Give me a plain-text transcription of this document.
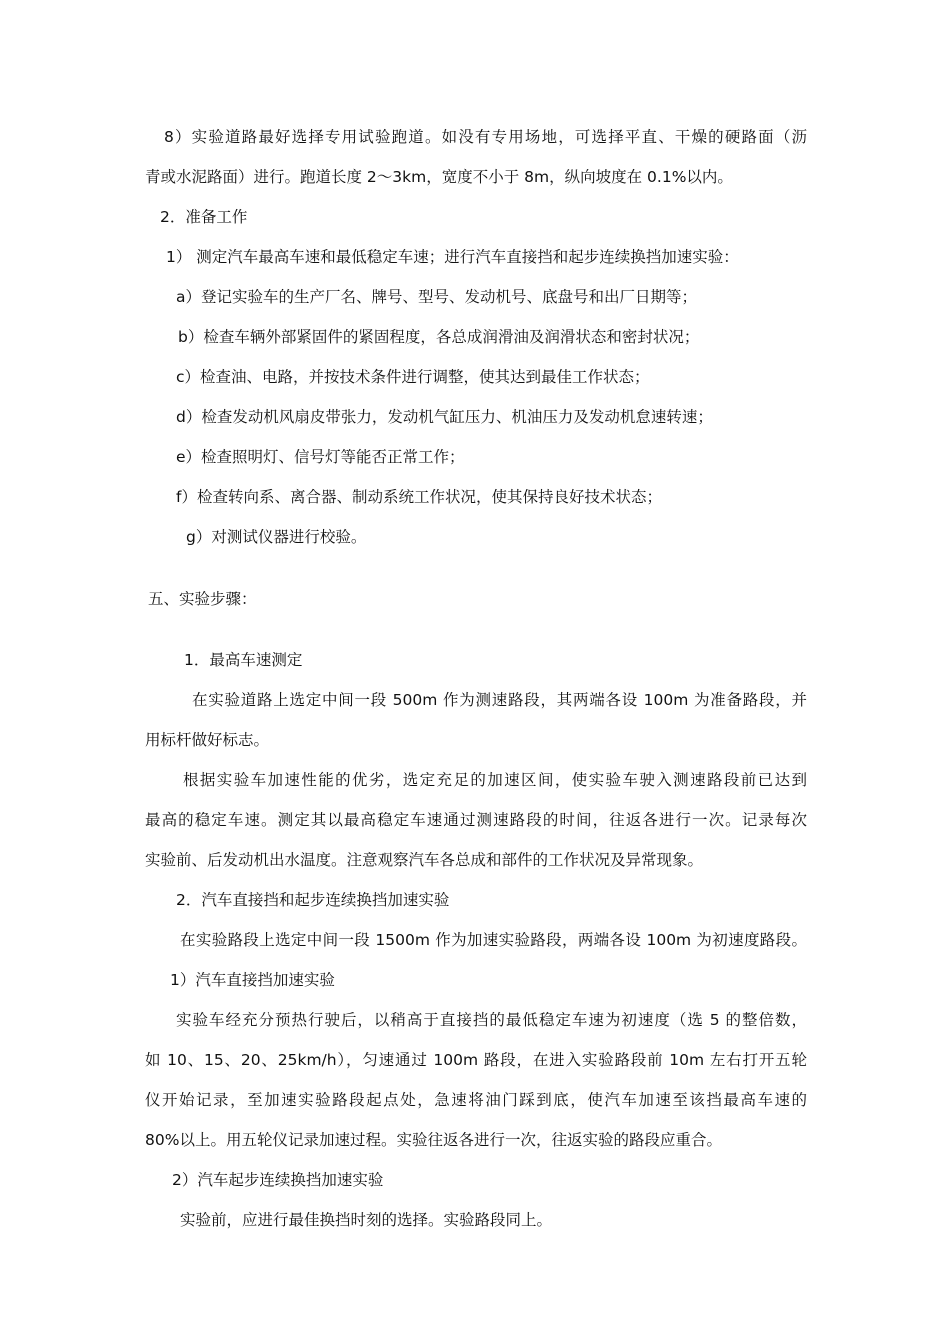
8）实验道路最好选择专用试验跑道。如没有专用场地，可选择平直、干燥的硬路面（沥

青或水泥路面）进行。跑道长度 2～3km，宽度不小于 8m，纵向坡度在 0.1%以内。

2．准备工作

1） 测定汽车最高车速和最低稳定车速；进行汽车直接挡和起步连续换挡加速实验：

a）登记实验车的生产厂名、牌号、型号、发动机号、底盘号和出厂日期等；

b）检查车辆外部紧固件的紧固程度，各总成润滑油及润滑状态和密封状况；

c）检查油、电路，并按技术条件进行调整，使其达到最佳工作状态；

d）检查发动机风扇皮带张力，发动机气缸压力、机油压力及发动机怠速转速；

e）检查照明灯、信号灯等能否正常工作；

f）检查转向系、离合器、制动系统工作状况，使其保持良好技术状态；

g）对测试仪器进行校验。

五、实验步骤：

1．最高车速测定

在实验道路上选定中间一段 500m 作为测速路段，其两端各设 100m 为准备路段，并

用标杆做好标志。

根据实验车加速性能的优劣，选定充足的加速区间，使实验车驶入测速路段前已达到

最高的稳定车速。测定其以最高稳定车速通过测速路段的时间，往返各进行一次。记录每次

实验前、后发动机出水温度。注意观察汽车各总成和部件的工作状况及异常现象。

2．汽车直接挡和起步连续换挡加速实验

在实验路段上选定中间一段 1500m 作为加速实验路段，两端各设 100m 为初速度路段。

1）汽车直接挡加速实验

实验车经充分预热行驶后，以稍高于直接挡的最低稳定车速为初速度（选 5 的整倍数，

如 10、15、20、25km/h），匀速通过 100m 路段，在进入实验路段前 10m 左右打开五轮

仪开始记录，至加速实验路段起点处，急速将油门踩到底，使汽车加速至该挡最高车速的

80%以上。用五轮仪记录加速过程。实验往返各进行一次，往返实验的路段应重合。

2）汽车起步连续换挡加速实验

实验前，应进行最佳换挡时刻的选择。实验路段同上。
